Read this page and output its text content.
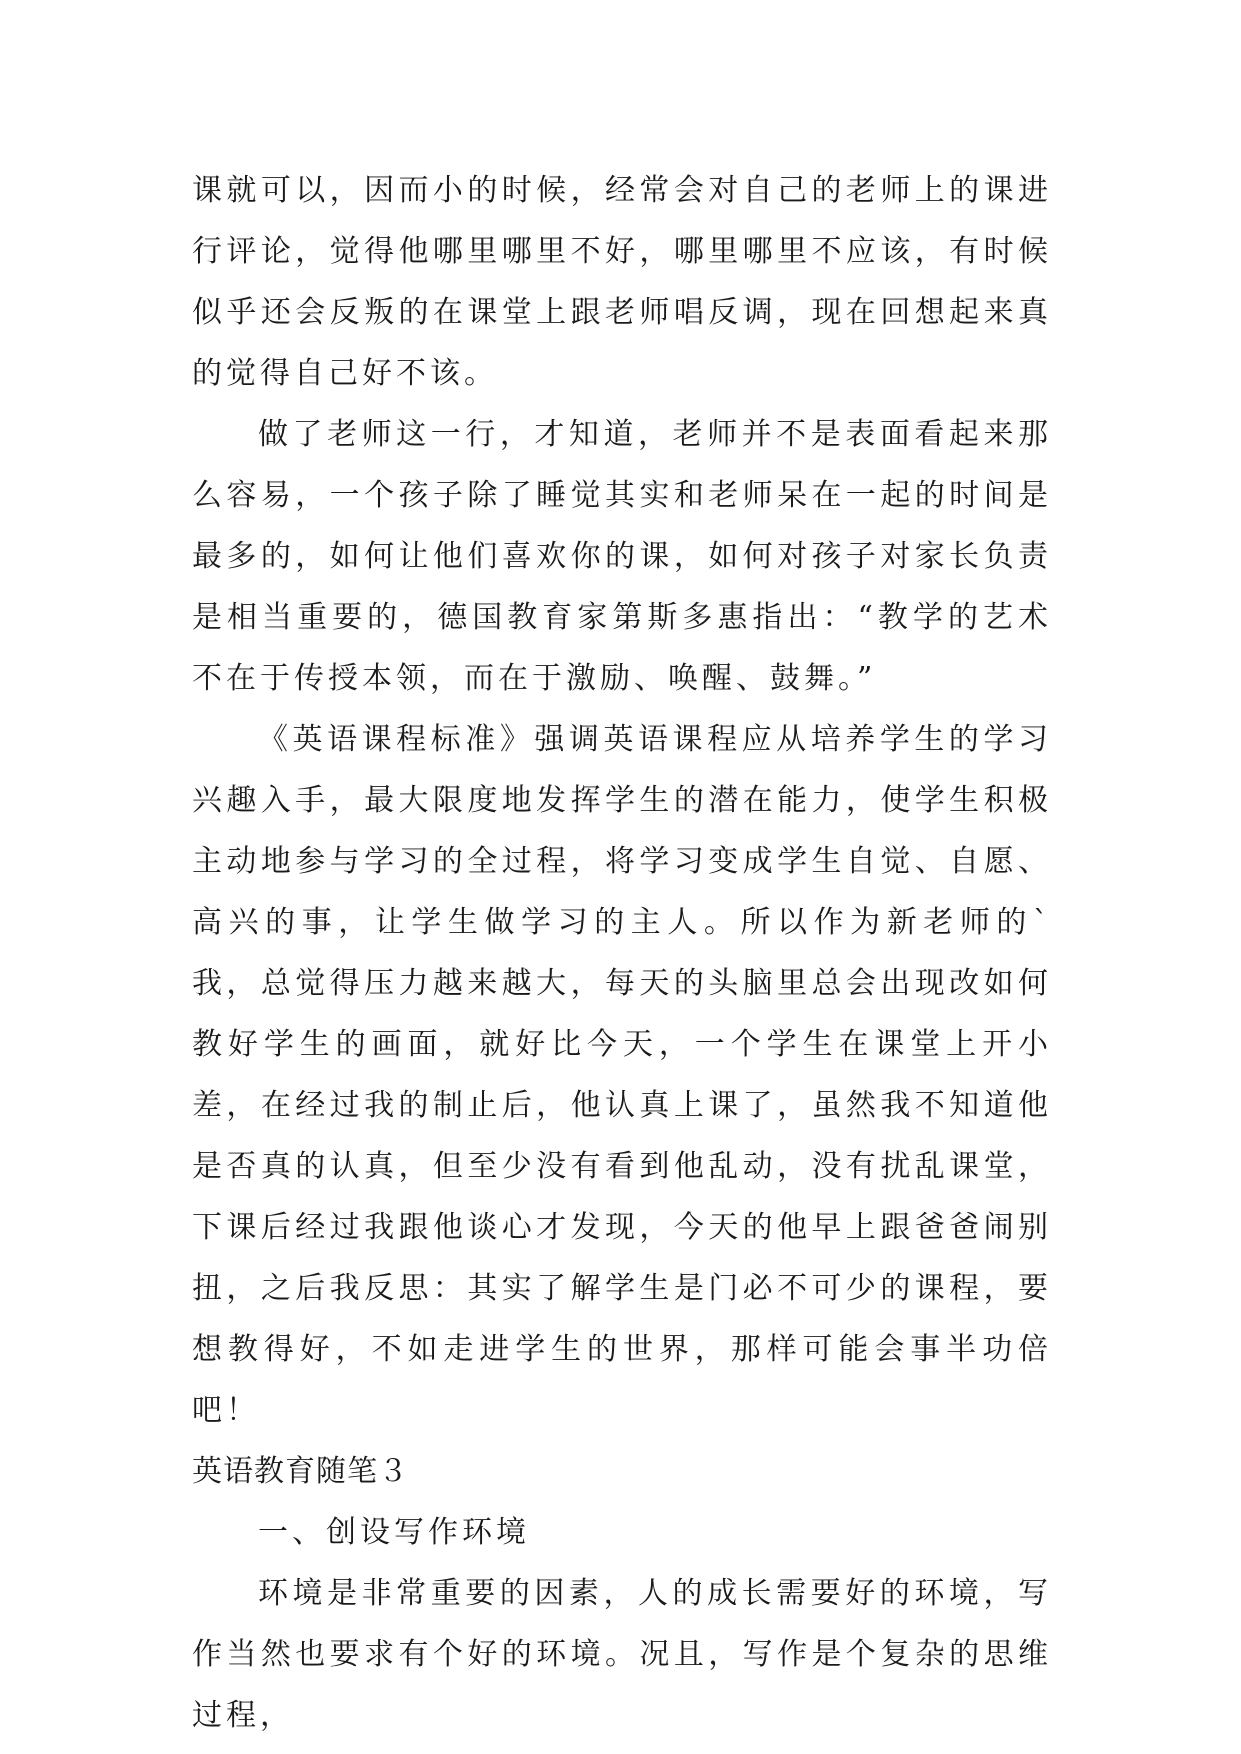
课就可以，因而小的时候，经常会对自己的老师上的课进行评论，觉得他哪里哪里不好，哪里哪里不应该，有时候似乎还会反叛的在课堂上跟老师唱反调，现在回想起来真的觉得自己好不该。

做了老师这一行，才知道，老师并不是表面看起来那么容易，一个孩子除了睡觉其实和老师呆在一起的时间是最多的，如何让他们喜欢你的课，如何对孩子对家长负责是相当重要的，德国教育家第斯多惠指出：“教学的艺术不在于传授本领，而在于激励、唤醒、鼓舞。”

《英语课程标准》强调英语课程应从培养学生的学习兴趣入手，最大限度地发挥学生的潜在能力，使学生积极主动地参与学习的全过程，将学习变成学生自觉、自愿、高兴的事，让学生做学习的主人。所以作为新老师的`我，总觉得压力越来越大，每天的头脑里总会出现改如何教好学生的画面，就好比今天，一个学生在课堂上开小差，在经过我的制止后，他认真上课了，虽然我不知道他是否真的认真，但至少没有看到他乱动，没有扰乱课堂，下课后经过我跟他谈心才发现，今天的他早上跟爸爸闹别扭，之后我反思：其实了解学生是门必不可少的课程，要想教得好，不如走进学生的世界，那样可能会事半功倍吧！

英语教育随笔３

一、创设写作环境

环境是非常重要的因素，人的成长需要好的环境，写作当然也要求有个好的环境。况且，写作是个复杂的思维过程，
